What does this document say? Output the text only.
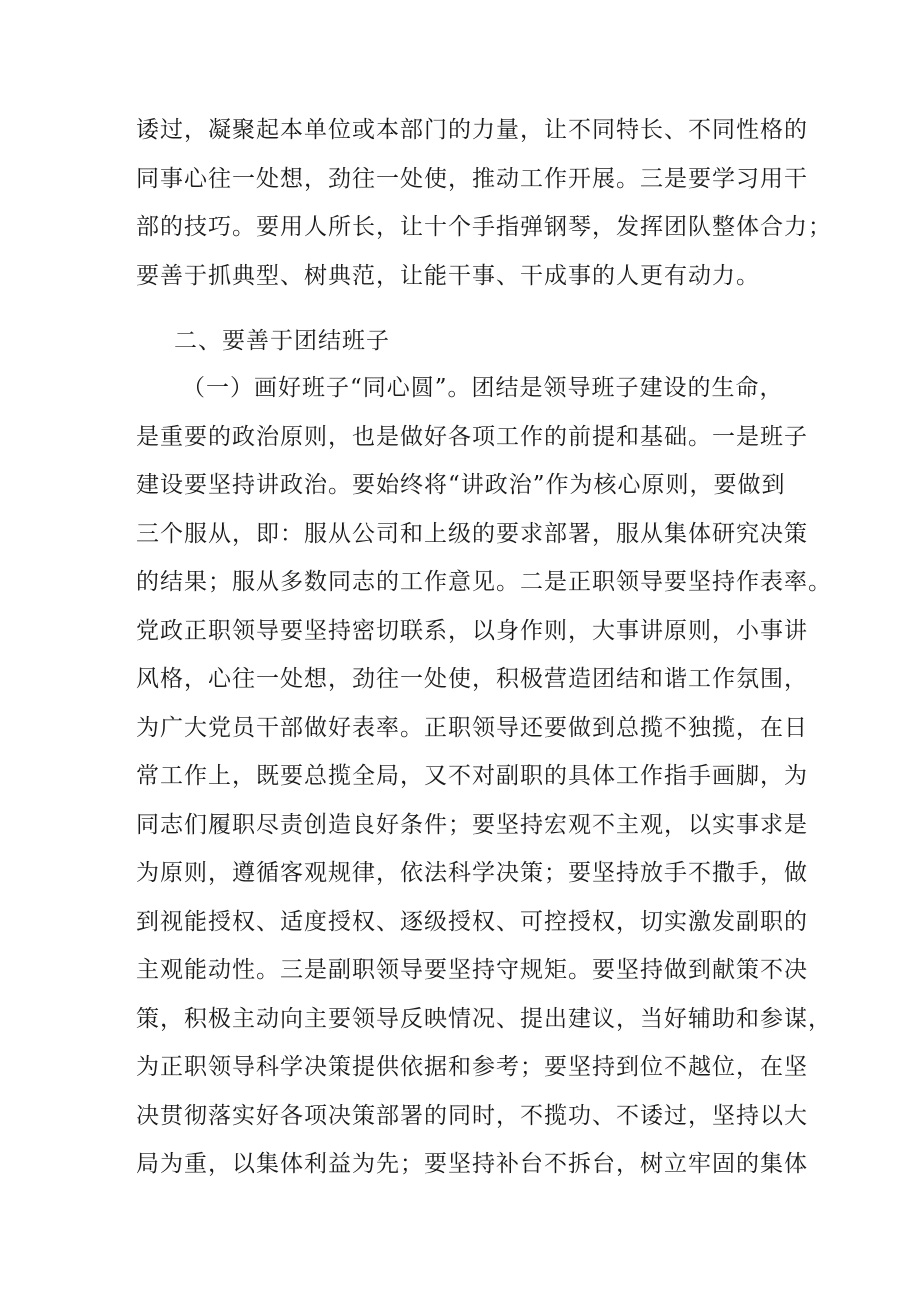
诿过，凝聚起本单位或本部门的力量，让不同特长、不同性格的
同事心往一处想，劲往一处使，推动工作开展。三是要学习用干
部的技巧。要用人所长，让十个手指弹钢琴，发挥团队整体合力；
要善于抓典型、树典范，让能干事、干成事的人更有动力。
二、要善于团结班子
（一）画好班子“同心圆”。团结是领导班子建设的生命，
是重要的政治原则，也是做好各项工作的前提和基础。一是班子
建设要坚持讲政治。要始终将“讲政治”作为核心原则，要做到
三个服从，即：服从公司和上级的要求部署，服从集体研究决策
的结果；服从多数同志的工作意见。二是正职领导要坚持作表率。
党政正职领导要坚持密切联系，以身作则，大事讲原则，小事讲
风格，心往一处想，劲往一处使，积极营造团结和谐工作氛围，
为广大党员干部做好表率。正职领导还要做到总揽不独揽，在日
常工作上，既要总揽全局，又不对副职的具体工作指手画脚，为
同志们履职尽责创造良好条件；要坚持宏观不主观，以实事求是
为原则，遵循客观规律，依法科学决策；要坚持放手不撒手，做
到视能授权、适度授权、逐级授权、可控授权，切实激发副职的
主观能动性。三是副职领导要坚持守规矩。要坚持做到献策不决
策，积极主动向主要领导反映情况、提出建议，当好辅助和参谋，
为正职领导科学决策提供依据和参考；要坚持到位不越位，在坚
决贯彻落实好各项决策部署的同时，不揽功、不诿过，坚持以大
局为重，以集体利益为先；要坚持补台不拆台，树立牢固的集体
